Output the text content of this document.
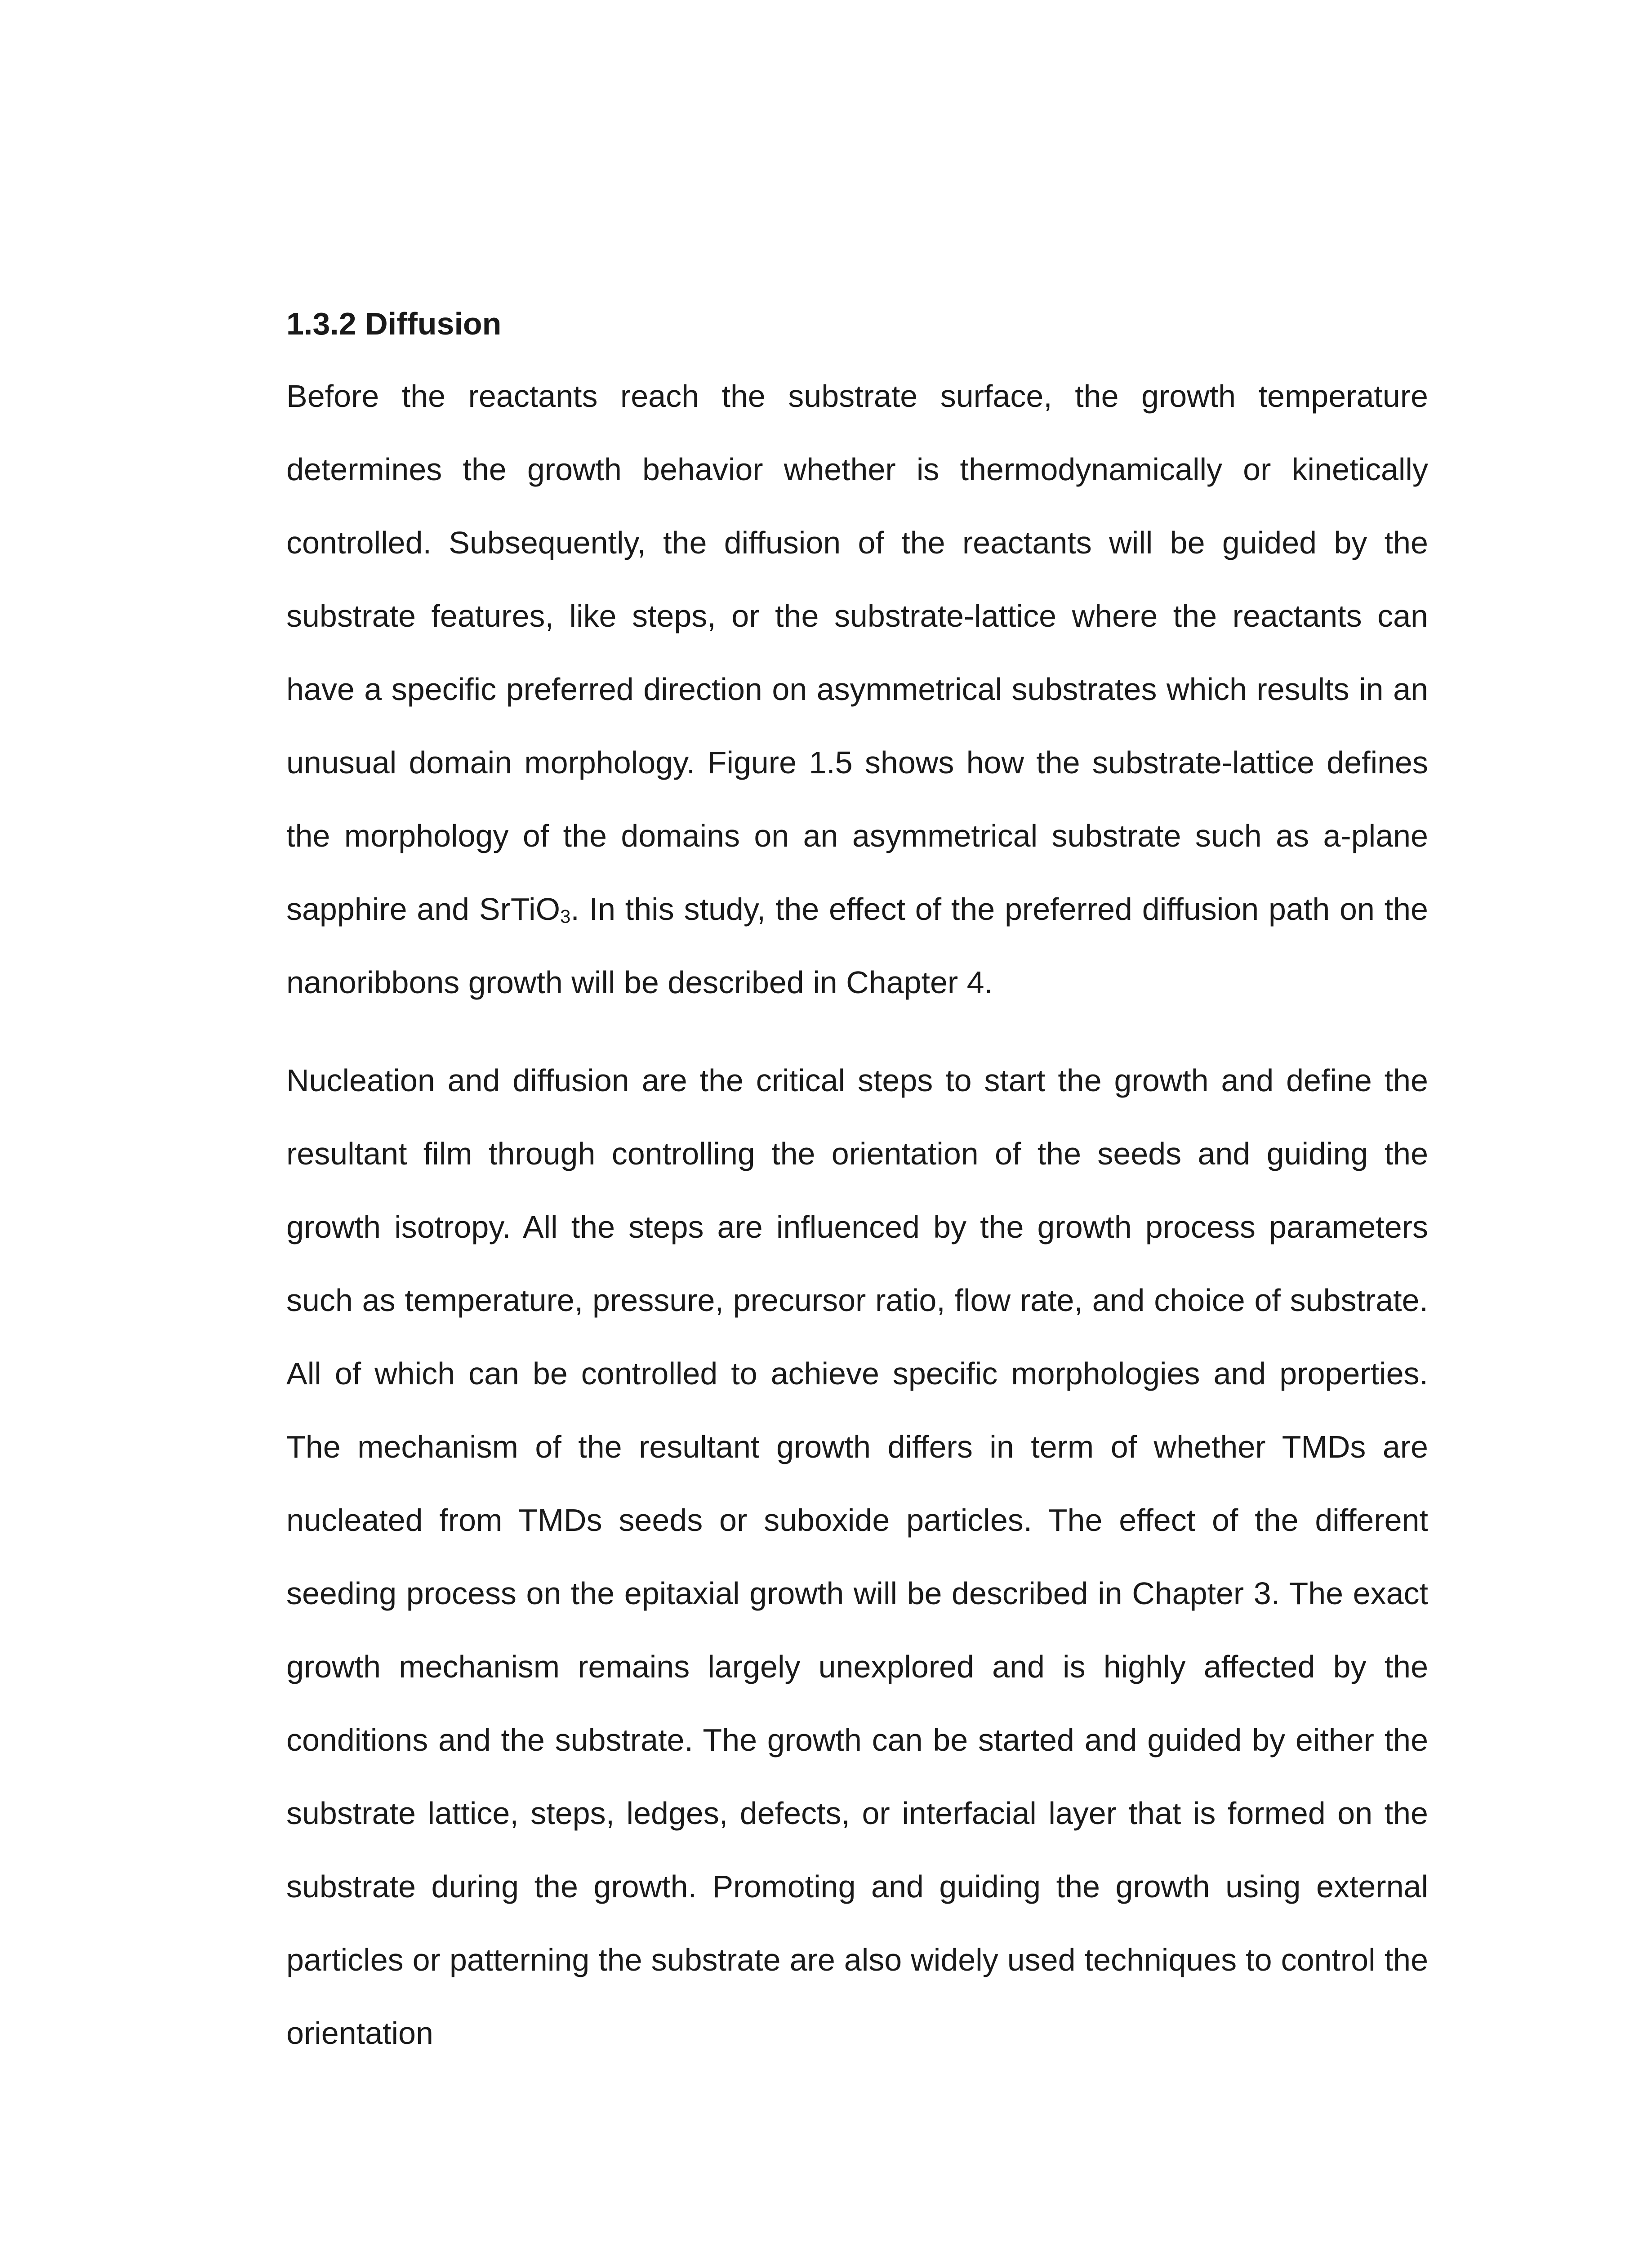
1.3.2 Diffusion

Before the reactants reach the substrate surface, the growth temperature determines the growth behavior whether is thermodynamically or kinetically controlled. Subsequently, the diffusion of the reactants will be guided by the substrate features, like steps, or the substrate-lattice where the reactants can have a specific preferred direction on asymmetrical substrates which results in an unusual domain morphology. Figure 1.5 shows how the substrate-lattice defines the morphology of the domains on an asymmetrical substrate such as a-plane sapphire and SrTiO$_3$. In this study, the effect of the preferred diffusion path on the nanoribbons growth will be described in Chapter 4.

Nucleation and diffusion are the critical steps to start the growth and define the resultant film through controlling the orientation of the seeds and guiding the growth isotropy. All the steps are influenced by the growth process parameters such as temperature, pressure, precursor ratio, flow rate, and choice of substrate. All of which can be controlled to achieve specific morphologies and properties. The mechanism of the resultant growth differs in term of whether TMDs are nucleated from TMDs seeds or suboxide particles. The effect of the different seeding process on the epitaxial growth will be described in Chapter 3. The exact growth mechanism remains largely unexplored and is highly affected by the conditions and the substrate. The growth can be started and guided by either the substrate lattice, steps, ledges, defects, or interfacial layer that is formed on the substrate during the growth. Promoting and guiding the growth using external particles or patterning the substrate are also widely used techniques to control the orientation
